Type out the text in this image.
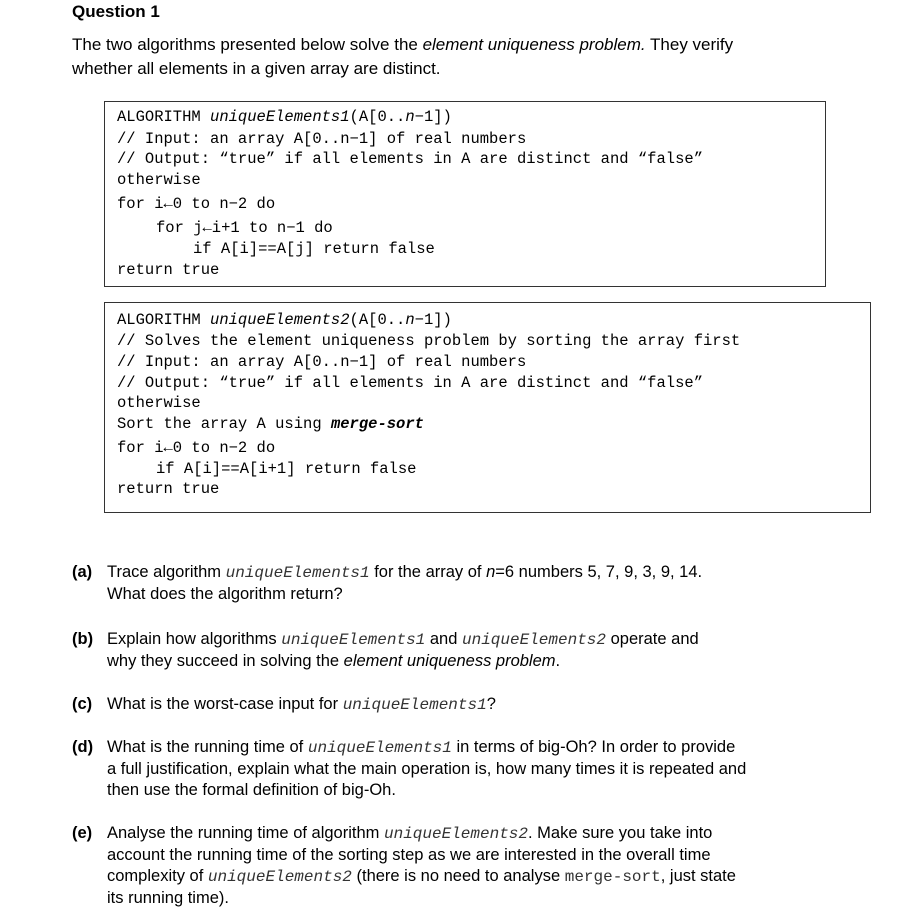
Question 1
The two algorithms presented below solve the element uniqueness problem. They verify
whether all elements in a given array are distinct.

ALGORITHM uniqueElements1(A[0..n−1])

// Input: an array A[0..n−1] of real numbers

// Output: “true” if all elements in A are distinct and “false”

otherwise

for i←0 to n−2 do

for j←i+1 to n−1 do

if A[i]==A[j] return false

return true

ALGORITHM uniqueElements2(A[0..n−1])

// Solves the element uniqueness problem by sorting the array first

// Input: an array A[0..n−1] of real numbers

// Output: “true” if all elements in A are distinct and “false”

otherwise

Sort the array A using merge-sort

for i←0 to n−2 do

if A[i]==A[i+1] return false

return true

(a) Trace algorithm uniqueElements1 for the array of n=6 numbers 5, 7, 9, 3, 9, 14.
What does the algorithm return?
(b) Explain how algorithms uniqueElements1 and uniqueElements2 operate and
why they succeed in solving the element uniqueness problem.
(c) What is the worst-case input for uniqueElements1?
(d) What is the running time of uniqueElements1 in terms of big-Oh? In order to provide
a full justification, explain what the main operation is, how many times it is repeated and
then use the formal definition of big-Oh.
(e) Analyse the running time of algorithm uniqueElements2. Make sure you take into
account the running time of the sorting step as we are interested in the overall time
complexity of uniqueElements2 (there is no need to analyse merge-sort, just state
its running time).
